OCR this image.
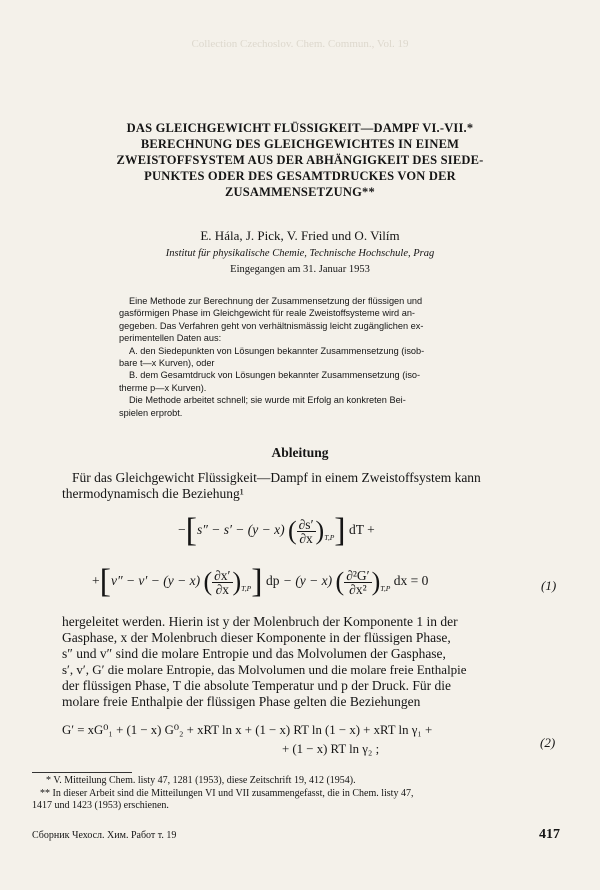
Collection Czechoslov. Chem. Commun., Vol. 19
DAS GLEICHGEWICHT FLÜSSIGKEIT—DAMPF VI.-VII.*
BERECHNUNG DES GLEICHGEWICHTES IN EINEM
ZWEISTOFFSYSTEM AUS DER ABHÄNGIGKEIT DES SIEDE-
PUNKTES ODER DES GESAMTDRUCKES VON DER
ZUSAMMENSETZUNG**
E. Hála, J. Pick, V. Fried und O. Vilím
Institut für physikalische Chemie, Technische Hochschule, Prag
Eingegangen am 31. Januar 1953
Eine Methode zur Berechnung der Zusammensetzung der flüssigen und
gasförmigen Phase im Gleichgewicht für reale Zweistoffsysteme wird an-
gegeben. Das Verfahren geht von verhältnismässig leicht zugänglichen ex-
perimentellen Daten aus:
A. den Siedepunkten von Lösungen bekannter Zusammensetzung (isob-
bare t—x Kurven), oder
B. dem Gesamtdruck von Lösungen bekannter Zusammensetzung (iso-
therme p—x Kurven).
Die Methode arbeitet schnell; sie wurde mit Erfolg an konkreten Bei-
spielen erprobt.
Ableitung
Für das Gleichgewicht Flüssigkeit—Dampf in einem Zweistoffsystem kann
thermodynamisch die Beziehung¹
−[s″ − s′ − (y − x) ( $\frac{\partial s'}{\partial x} )_{T,P}$] dT +
+[v″ − v′ − (y − x) ( $\frac{\partial x'}{\partial x} )_{T,P}$] dp − (y − x) ( $\frac{\text{∂²G′}}{\text{∂x²}} )_{T,P}$ dx = 0	(1)
hergeleitet werden. Hierin ist y der Molenbruch der Komponente 1 in der
Gasphase, x der Molenbruch dieser Komponente in der flüssigen Phase,
s″ und v″ sind die molare Entropie und das Molvolumen der Gasphase,
s′, v′, G′ die molare Entropie, das Molvolumen und die molare freie Enthalpie
der flüssigen Phase, T die absolute Temperatur und p der Druck. Für die
molare freie Enthalpie der flüssigen Phase gelten die Beziehungen
G′ = xG⁰₁ + (1 − x) G⁰₂ + xRT ln x + (1 − x) RT ln (1 − x) + xRT ln γ₁ +
+ (1 − x) RT ln γ₂ ;	(2)
* V. Mitteilung Chem. listy 47, 1281 (1953), diese Zeitschrift 19, 412 (1954).
** In dieser Arbeit sind die Mitteilungen VI und VII zusammengefasst, die in Chem. listy 47,
1417 und 1423 (1953) erschienen.
Сборник Чехосл. Хим. Работ т. 19	417
